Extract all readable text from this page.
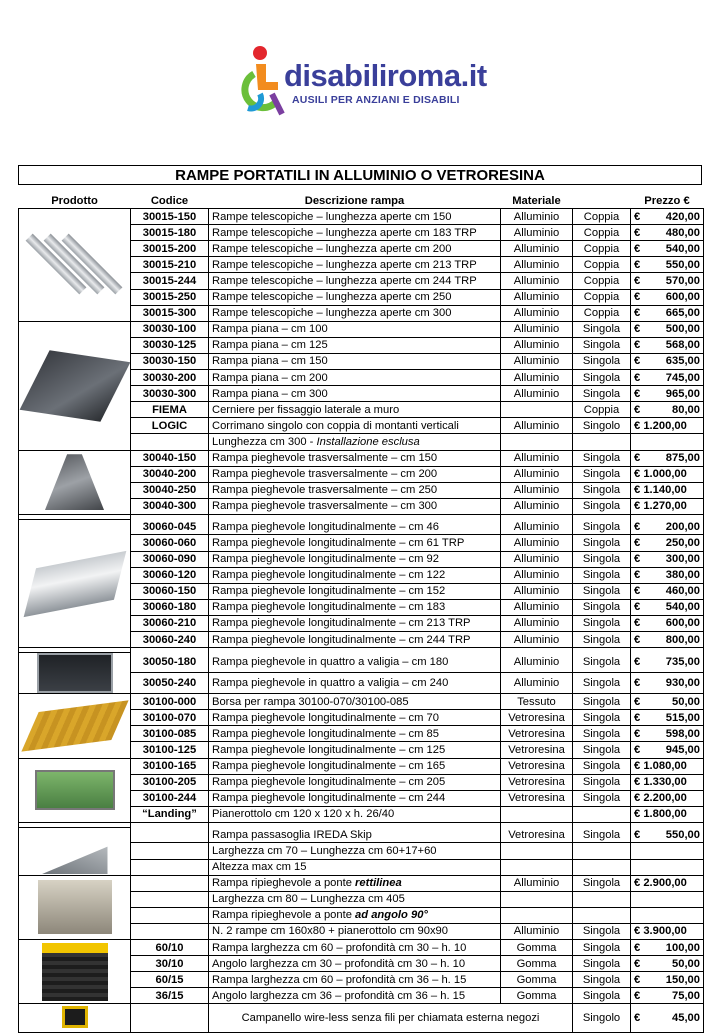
disabiliroma.it
AUSILI PER ANZIANI E DISABILI
RAMPE PORTATILI IN ALLUMINIO O VETRORESINA
Prodotto	Codice	Descrizione rampa	Materiale		Prezzo €

	30015-150	Rampe telescopiche – lunghezza aperte cm 150	Alluminio	Coppia	€ 420,00

	30015-180	Rampe telescopiche – lunghezza aperte cm 183 TRP	Alluminio	Coppia	€ 480,00

	30015-200	Rampe telescopiche – lunghezza aperte cm 200	Alluminio	Coppia	€ 540,00

	30015-210	Rampe telescopiche – lunghezza aperte cm 213 TRP	Alluminio	Coppia	€ 550,00

	30015-244	Rampe telescopiche – lunghezza aperte cm 244 TRP	Alluminio	Coppia	€ 570,00

	30015-250	Rampe telescopiche – lunghezza aperte cm 250	Alluminio	Coppia	€ 600,00

	30015-300	Rampe telescopiche – lunghezza aperte cm 300	Alluminio	Coppia	€ 665,00

	30030-100	Rampa piana – cm 100	Alluminio	Singola	€ 500,00

	30030-125	Rampa piana – cm 125	Alluminio	Singola	€ 568,00

	30030-150	Rampa piana – cm 150	Alluminio	Singola	€ 635,00

	30030-200	Rampa piana – cm 200	Alluminio	Singola	€ 745,00

	30030-300	Rampa piana – cm 300	Alluminio	Singola	€ 965,00

	FIEMA	Cerniere per fissaggio laterale a muro		Coppia	€ 80,00

	LOGIC	Corrimano singolo con coppia di montanti verticali	Alluminio	Singolo	€ 1.200,00
		Lunghezza cm 300 - Installazione esclusa			

	30040-150	Rampa pieghevole trasversalmente – cm 150	Alluminio	Singola	€ 875,00

	30040-200	Rampa pieghevole trasversalmente – cm 200	Alluminio	Singola	€ 1.000,00
	30040-250	Rampa pieghevole trasversalmente – cm 250	Alluminio	Singola	€ 1.140,00
	30040-300	Rampa pieghevole trasversalmente – cm 300	Alluminio	Singola	€ 1.270,00

	30060-045	Rampa pieghevole longitudinalmente – cm 46	Alluminio	Singola	€ 200,00

	30060-060	Rampa pieghevole longitudinalmente – cm 61 TRP	Alluminio	Singola	€ 250,00

	30060-090	Rampa pieghevole longitudinalmente – cm 92	Alluminio	Singola	€ 300,00

	30060-120	Rampa pieghevole longitudinalmente – cm 122	Alluminio	Singola	€ 380,00

	30060-150	Rampa pieghevole longitudinalmente – cm 152	Alluminio	Singola	€ 460,00

	30060-180	Rampa pieghevole longitudinalmente – cm 183	Alluminio	Singola	€ 540,00

	30060-210	Rampa pieghevole longitudinalmente – cm 213 TRP	Alluminio	Singola	€ 600,00

	30060-240	Rampa pieghevole longitudinalmente – cm 244 TRP	Alluminio	Singola	€ 800,00

	30050-180	Rampa pieghevole in quattro a valigia – cm 180	Alluminio	Singola	€ 735,00

	30050-240	Rampa pieghevole in quattro a valigia – cm 240	Alluminio	Singola	€ 930,00

	30100-000	Borsa per rampa 30100-070/30100-085	Tessuto	Singola	€ 50,00

	30100-070	Rampa pieghevole longitudinalmente – cm 70	Vetroresina	Singola	€ 515,00

	30100-085	Rampa pieghevole longitudinalmente – cm 85	Vetroresina	Singola	€ 598,00

	30100-125	Rampa pieghevole longitudinalmente – cm 125	Vetroresina	Singola	€ 945,00

	30100-165	Rampa pieghevole longitudinalmente – cm 165	Vetroresina	Singola	€ 1.080,00
	30100-205	Rampa pieghevole longitudinalmente – cm 205	Vetroresina	Singola	€ 1.330,00
	30100-244	Rampa pieghevole longitudinalmente – cm 244	Vetroresina	Singola	€ 2.200,00
	“Landing”	Pianerottolo cm 120 x 120 x h. 26/40			€ 1.800,00

		Rampa passasoglia IREDA Skip	Vetroresina	Singola	€ 550,00

		Larghezza cm 70 – Lunghezza cm 60+17+60			
		Altezza max cm 15			

		Rampa ripieghevole a ponte rettilinea	Alluminio	Singola	€ 2.900,00
		Larghezza cm 80 – Lunghezza cm 405			
		Rampa ripieghevole a ponte ad angolo 90°			
		N. 2 rampe cm 160x80 + pianerottolo cm 90x90	Alluminio	Singola	€ 3.900,00

	60/10	Rampa larghezza cm 60 – profondità cm 30 – h. 10	Gomma	Singola	€ 100,00

	30/10	Angolo larghezza cm 30 – profondità cm 30 – h. 10	Gomma	Singola	€ 50,00

	60/15	Rampa larghezza cm 60 – profondità cm 36 – h. 15	Gomma	Singola	€ 150,00

	36/15	Angolo larghezza cm 36 – profondità cm 36 – h. 15	Gomma	Singola	€ 75,00

		Campanello wire-less senza fili per chiamata esterna negozi		Singolo	€ 45,00
